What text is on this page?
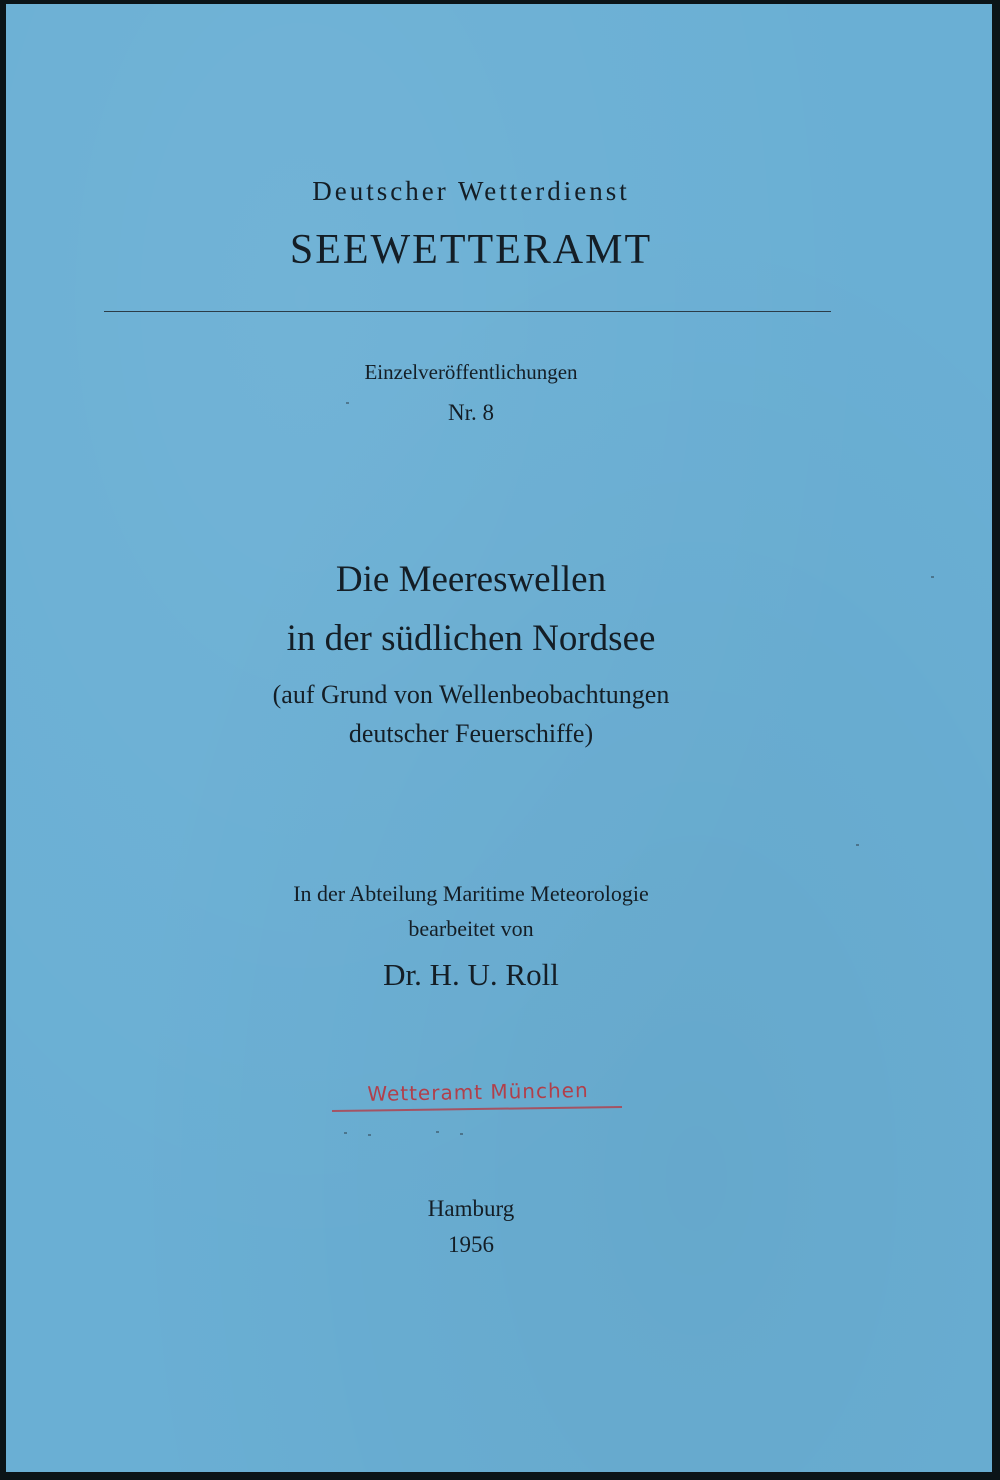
Deutscher Wetterdienst
SEEWETTERAMT
Einzelveröffentlichungen
Nr. 8
Die Meereswellen
in der südlichen Nordsee
(auf Grund von Wellenbeobachtungen
deutscher Feuerschiffe)
In der Abteilung Maritime Meteorologie
bearbeitet von
Dr. H. U. Roll
Wetteramt München
Hamburg
1956
